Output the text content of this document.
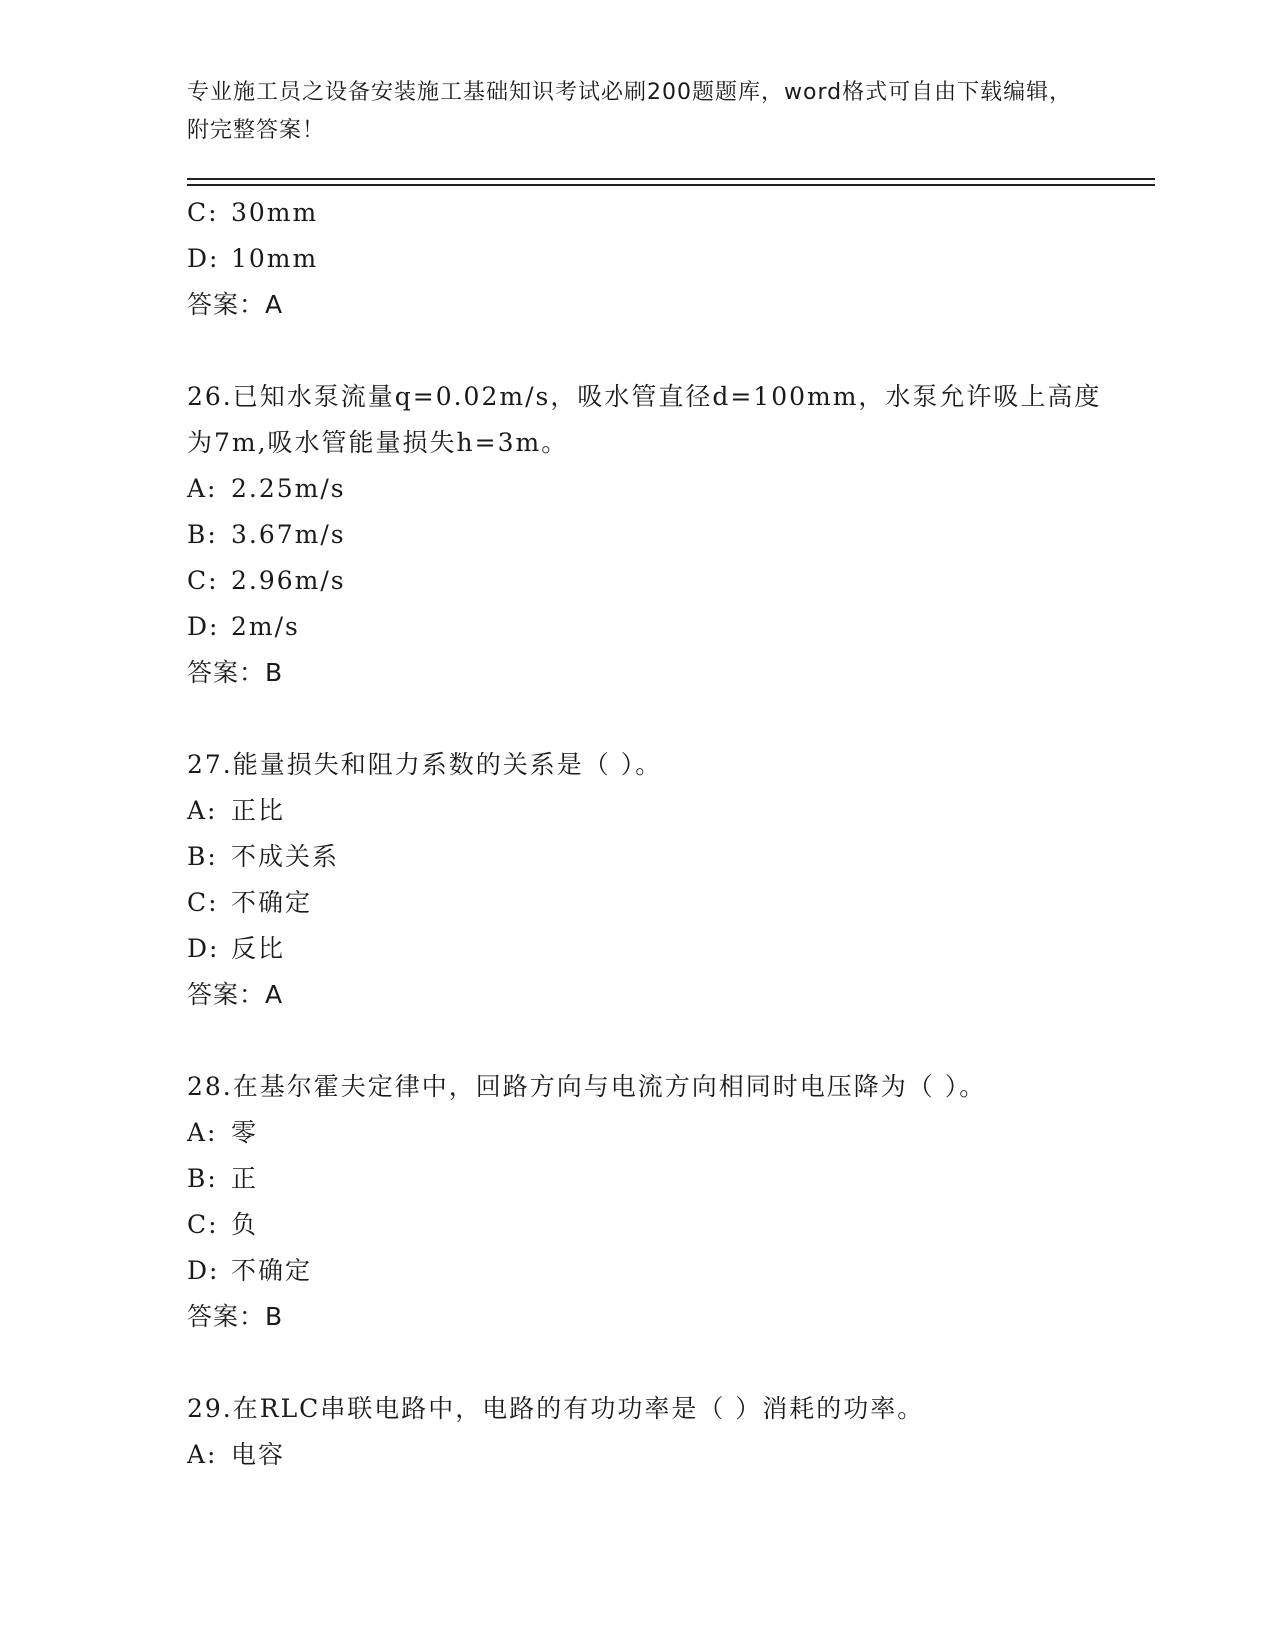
专业施工员之设备安装施工基础知识考试必刷200题题库，word格式可自由下载编辑，附完整答案！
C: 30mm
D: 10mm
答案：A
26.已知水泵流量q=0.02m/s，吸水管直径d=100mm，水泵允许吸上高度为7m,吸水管能量损失h=3m。
A: 2.25m/s
B: 3.67m/s
C: 2.96m/s
D: 2m/s
答案：B
27.能量损失和阻力系数的关系是（ ）。
A: 正比
B: 不成关系
C: 不确定
D: 反比
答案：A
28.在基尔霍夫定律中，回路方向与电流方向相同时电压降为（ ）。
A: 零
B: 正
C: 负
D: 不确定
答案：B
29.在RLC串联电路中，电路的有功功率是（ ）消耗的功率。
A: 电容
